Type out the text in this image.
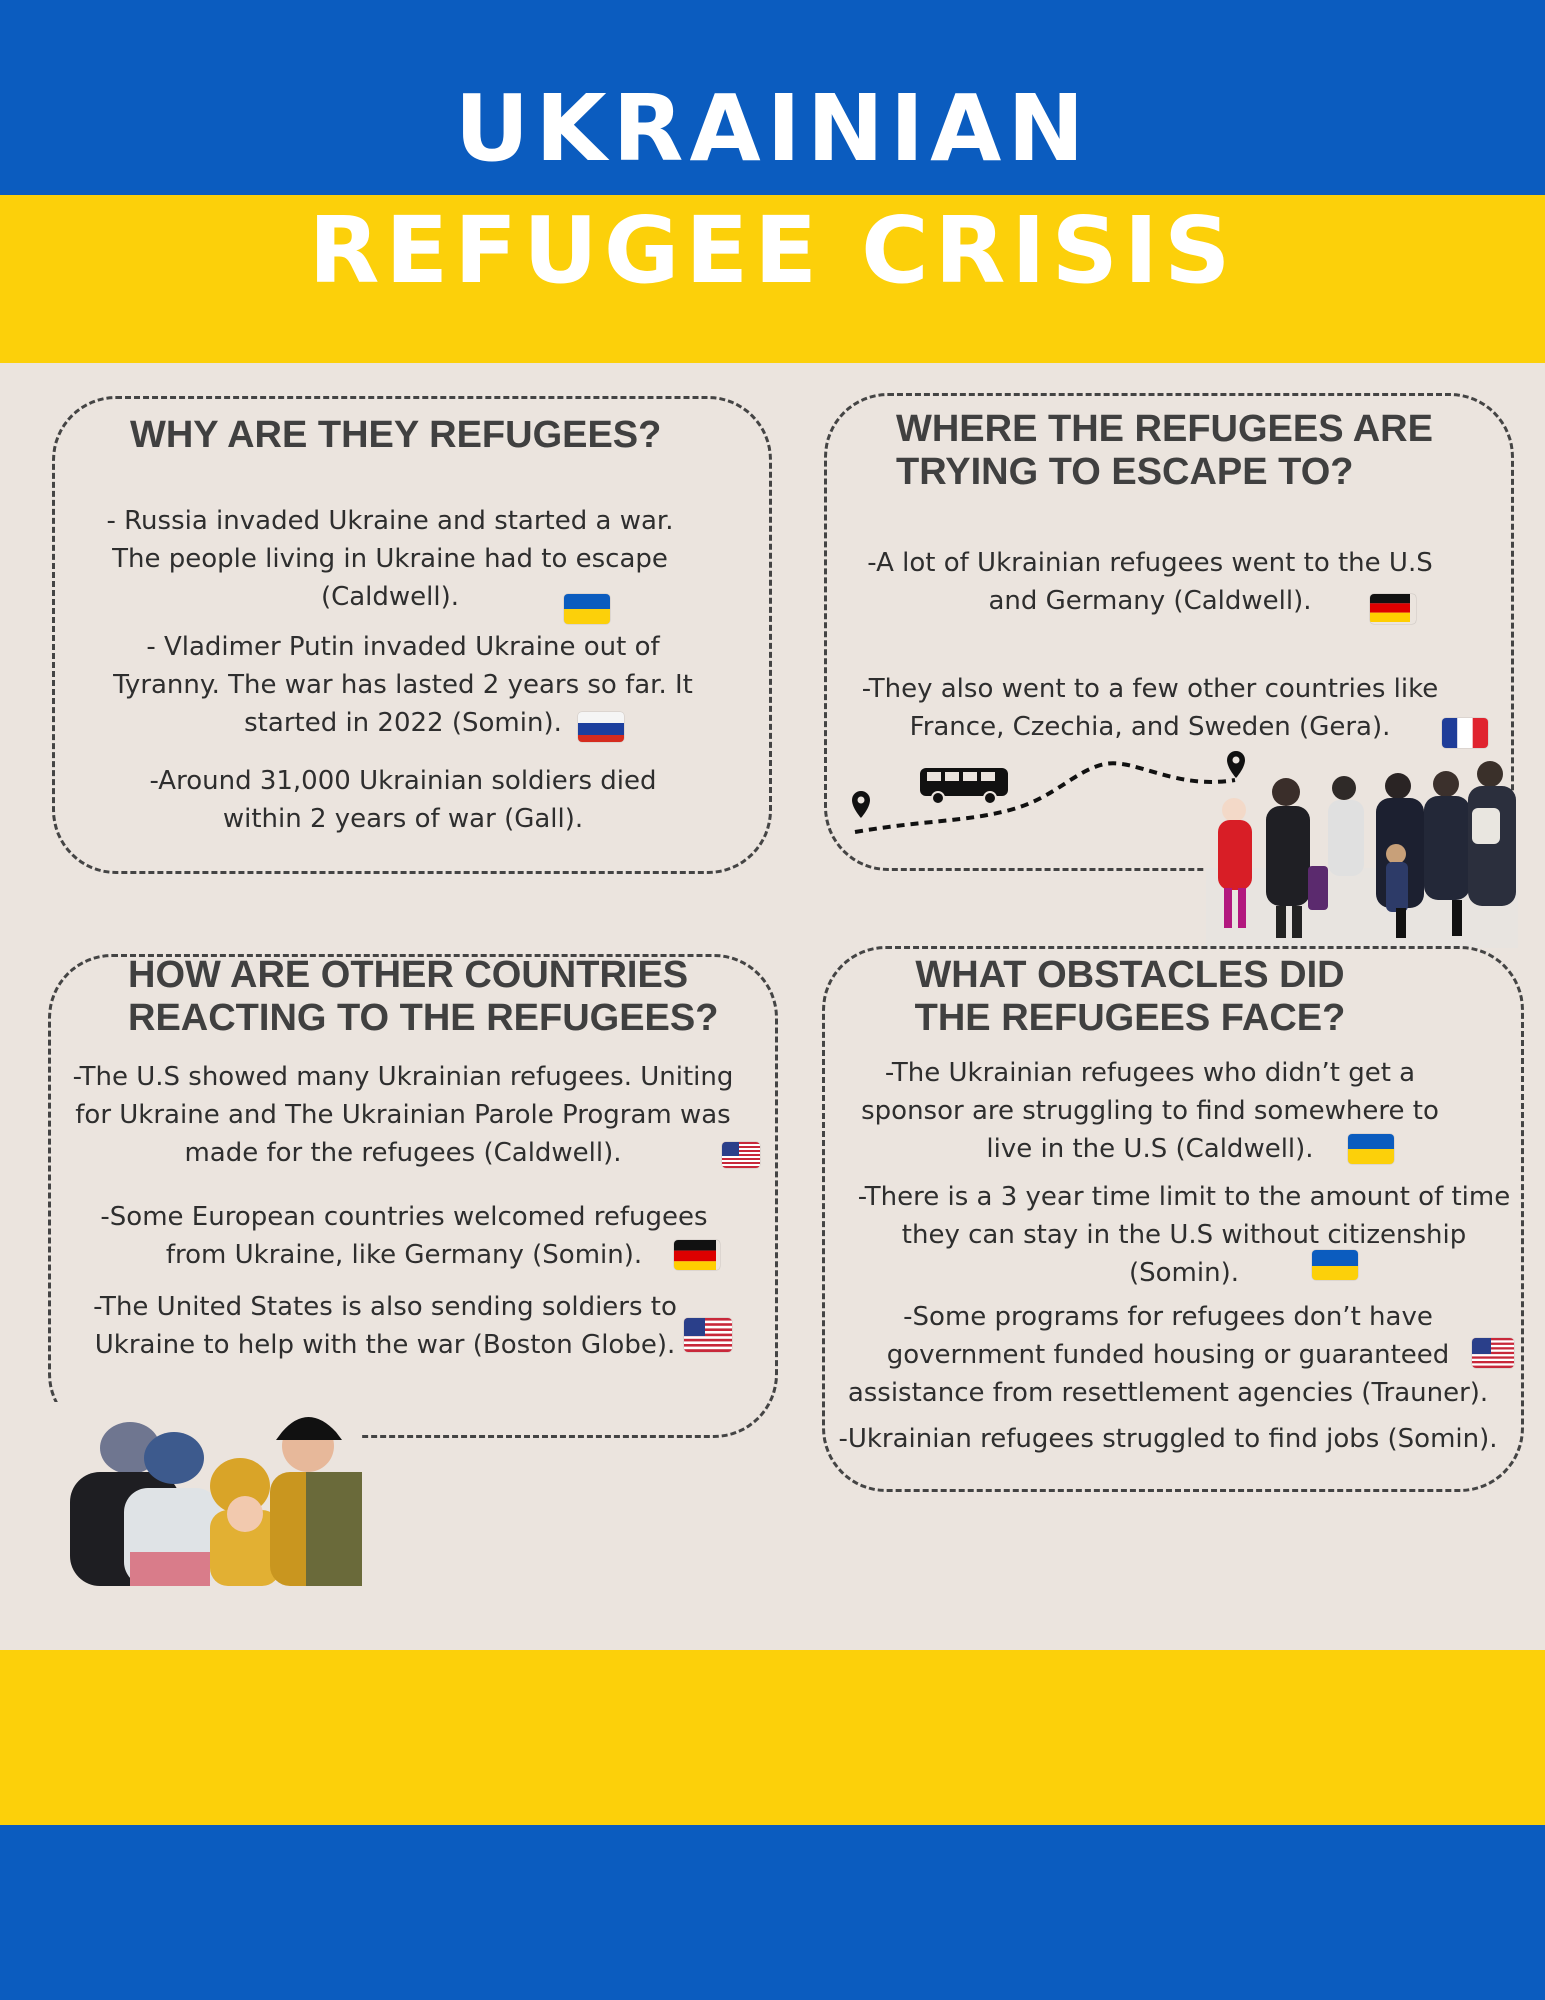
UKRAINIAN
REFUGEE CRISIS
WHY ARE THEY REFUGEES?
- Russia invaded Ukraine and started a war. The people living in Ukraine had to escape (Caldwell).
- Vladimer Putin invaded Ukraine out of Tyranny. The war has lasted 2 years so far. It started in 2022 (Somin).
-Around 31,000 Ukrainian soldiers died within 2 years of war (Gall).
WHERE THE REFUGEES ARE TRYING TO ESCAPE TO?
-A lot of Ukrainian refugees went to the U.S and Germany (Caldwell).
-They also went to a few other countries like France, Czechia, and Sweden (Gera).
HOW ARE OTHER COUNTRIES REACTING TO THE REFUGEES?
-The U.S showed many Ukrainian refugees. Uniting for Ukraine and The Ukrainian Parole Program was made for the refugees (Caldwell).
-Some European countries welcomed refugees from Ukraine, like Germany (Somin).
-The United States is also sending soldiers to Ukraine to help with the war (Boston Globe).
WHAT OBSTACLES DID THE REFUGEES FACE?
-The Ukrainian refugees who didn’t get a sponsor are struggling to find somewhere to live in the U.S (Caldwell).
-There is a 3 year time limit to the amount of time they can stay in the U.S without citizenship (Somin).
-Some programs for refugees don’t have government funded housing or guaranteed assistance from resettlement agencies (Trauner).
-Ukrainian refugees struggled to find jobs (Somin).
